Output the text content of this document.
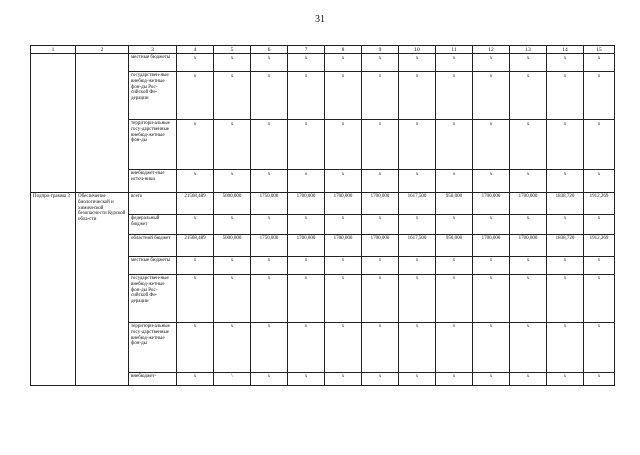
31
1	2	3	4	5	6	7	8	9	10	11	12	13	14	15
		местные бюджеты	x	x	x	x	x	x	x	x	x	x	x	x
		государствен-ные внебюд-жетные фон-ды Рос-сийской Фе-дерации	x	x	x	x	x	x	x	x	x	x	x	x
		территори-альные госу-дарственные внебюд-жетные фон-ды	x	x	x	x	x	x	x	x	x	x	x	x
		внебюджет-ные источ-ники	x	x	x	x	x	x	x	x	x	x	x	x
Подпро-грамма 3	Обеспечение биологической и химической безопасности Курской обла-сти	всего	21568,489	5000,000	1750,000	1700,000	1700,000	1700,000	1617,500	950,000	1700,000	1700,000	1838,720	1912,269
		федеральный бюджет	x	x	x	x	x	x	x	x	x	x	x	x
		областной бюджет	21568,489	5000,000	1750,000	1700,000	1700,000	1700,000	1617,500	950,000	1700,000	1700,000	1838,720	1912,269
		местные бюджеты	x	x	x	x	x	x	x	x	x	x	x	x
		государствен-ные внебюд-жетные фон-ды Рос-сийской Фе-дерации	x	x	x	x	x	x	x	x	x	x	x	x
		территори-альные госу-дарственные внебюд-жетные фон-ды	x	x	x	x	x	x	x	x	x	x	x	x
		внебюджет-	x	\	x	x	x	x	x	x	x	x	x	x
